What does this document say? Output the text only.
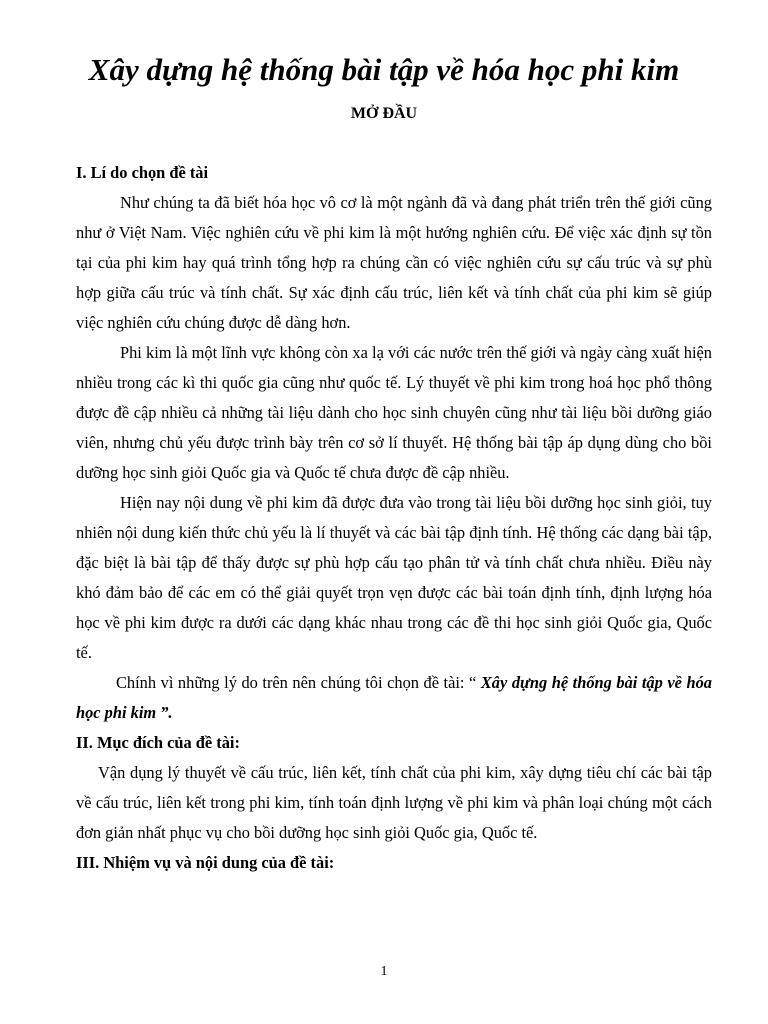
Xây dựng hệ thống bài tập về hóa học phi kim
MỞ ĐẦU

I. Lí do chọn đề tài

Như chúng ta đã biết hóa học vô cơ là một ngành đã và đang phát triển trên thế giới cũng như ở Việt Nam. Việc nghiên cứu về phi kim là một hướng nghiên cứu. Để việc xác định sự tồn tại của phi kim hay quá trình tổng hợp ra chúng cần có việc nghiên cứu sự cấu trúc và sự phù hợp giữa cấu trúc và tính chất. Sự xác định cấu trúc, liên kết và tính chất của phi kim sẽ giúp việc nghiên cứu chúng được dễ dàng hơn.

Phi kim là một lĩnh vực không còn xa lạ với các nước trên thế giới và ngày càng xuất hiện nhiều trong các kì thi quốc gia cũng như quốc tế. Lý thuyết về phi kim trong hoá học phổ thông được đề cập nhiều cả những tài liệu dành cho học sinh chuyên cũng như tài liệu bồi dưỡng giáo viên, nhưng chủ yếu được trình bày trên cơ sở lí thuyết. Hệ thống bài tập áp dụng dùng cho bồi dưỡng học sinh giỏi Quốc gia và Quốc tế chưa được đề cập nhiều.

Hiện nay nội dung về phi kim đã được đưa vào trong tài liệu bồi dưỡng học sinh giỏi, tuy nhiên nội dung kiến thức chủ yếu là lí thuyết và các bài tập định tính. Hệ thống các dạng bài tập, đặc biệt là bài tập để thấy được sự phù hợp cấu tạo phân tử và tính chất chưa nhiều. Điều này khó đảm bảo để các em có thể giải quyết trọn vẹn được các bài toán định tính, định lượng hóa học về phi kim được ra dưới các dạng khác nhau trong các đề thi học sinh giỏi Quốc gia, Quốc tế.

Chính vì những lý do trên nên chúng tôi chọn đề tài: “ Xây dựng hệ thống bài tập về hóa học phi kim ”.

II. Mục đích của đề tài:

Vận dụng lý thuyết về cấu trúc, liên kết, tính chất của phi kim, xây dựng tiêu chí các bài tập về cấu trúc, liên kết trong phi kim, tính toán định lượng về phi kim và phân loại chúng một cách đơn giản nhất phục vụ cho bồi dưỡng học sinh giỏi Quốc gia, Quốc tế.

III. Nhiệm vụ và nội dung của đề tài:

1
